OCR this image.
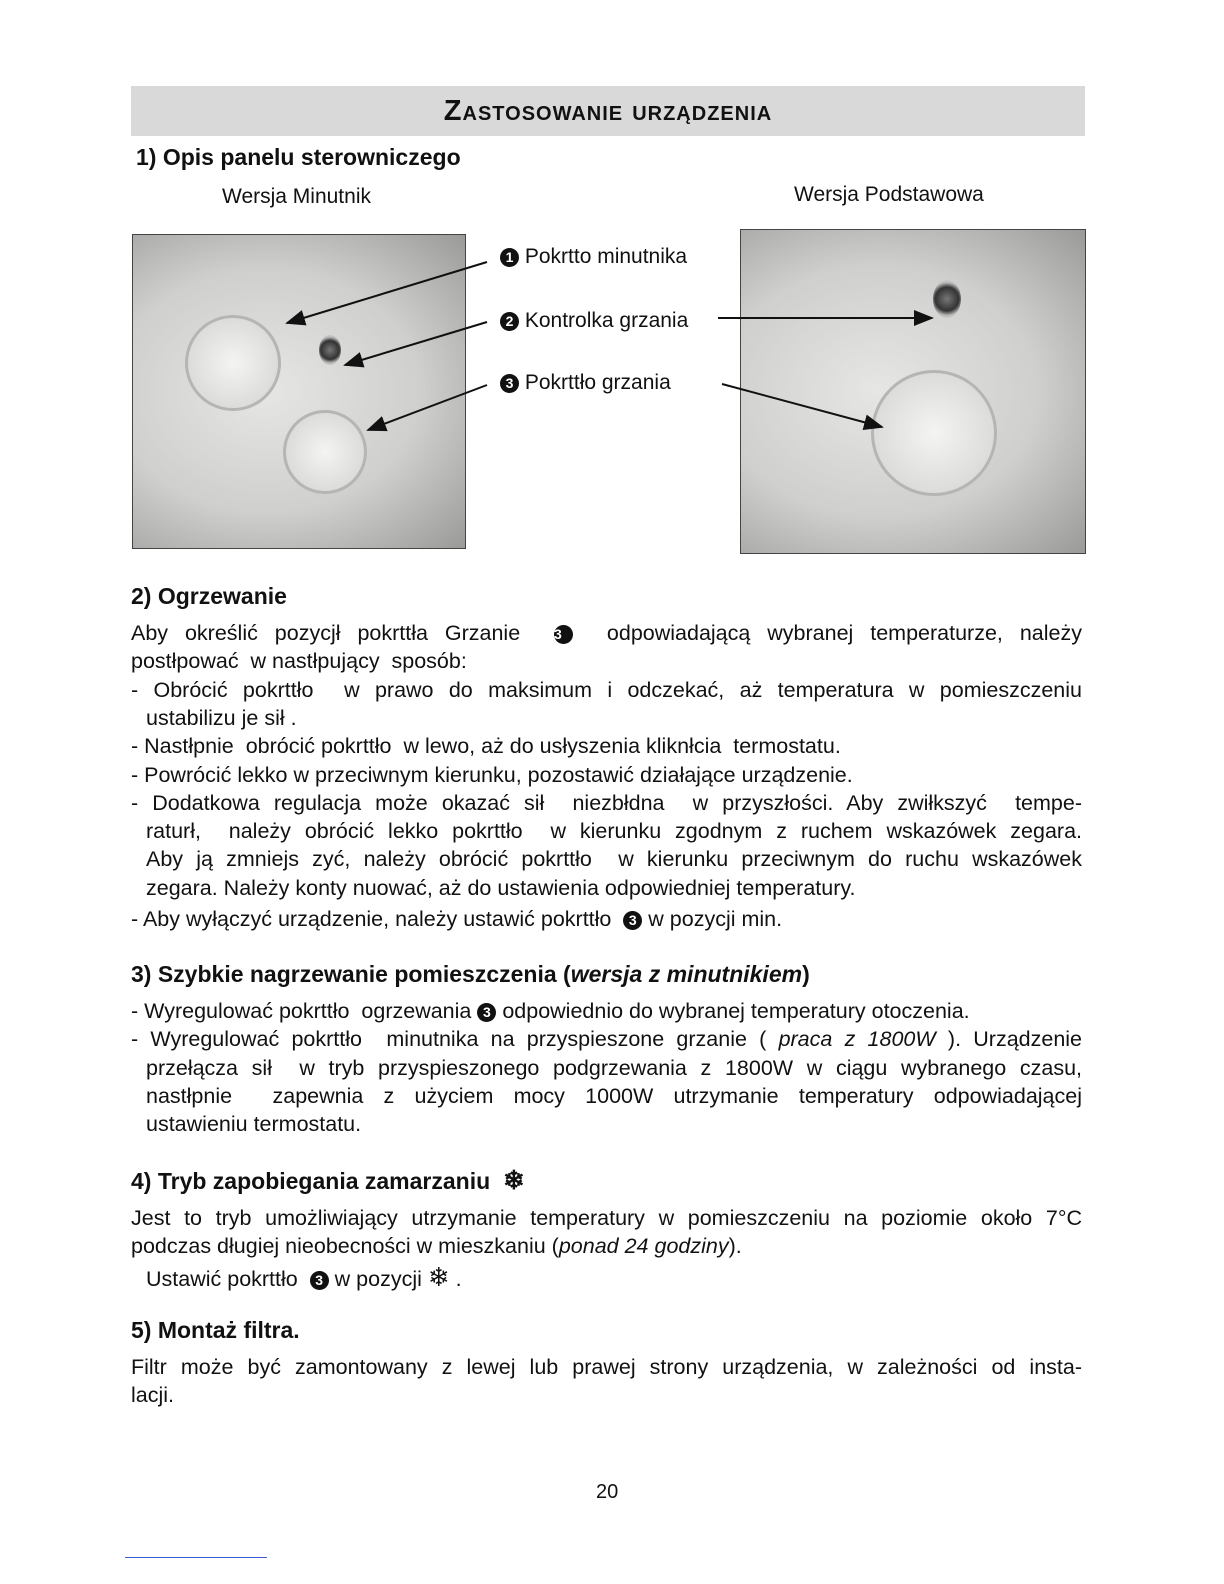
Zastosowanie urządzenia
1) Opis panelu sterowniczego
Wersja Minutnik	Wersja Podstawowa
1 Pokrtto minutnika
2 Kontrolka grzania
3 Pokrttło grzania
2) Ogrzewanie
Aby określić pozycjł pokrttła Grzanie  3  odpowiadającą wybranej temperaturze, należy
postłpować  w nastłpujący  sposób:
- Obrócić pokrttło  w prawo do maksimum i odczekać, aż temperatura w pomieszczeniu
ustabilizu je sił .
- Nastłpnie  obrócić pokrttło  w lewo, aż do usłyszenia kliknłcia  termostatu.
- Powrócić lekko w przeciwnym kierunku, pozostawić działające urządzenie.
- Dodatkowa regulacja może okazać sił  niezbłdna  w przyszłości. Aby zwiłkszyć  tempe-
raturł,  należy obrócić lekko pokrttło  w kierunku zgodnym z ruchem wskazówek zegara.
Aby ją zmniejs zyć, należy obrócić pokrttło  w kierunku przeciwnym do ruchu wskazówek
zegara. Należy konty nuować, aż do ustawienia odpowiedniej temperatury.
- Aby wyłączyć urządzenie, należy ustawić pokrttło  3 w pozycji min.
3) Szybkie nagrzewanie pomieszczenia (wersja z minutnikiem)
- Wyregulować pokrttło  ogrzewania 3 odpowiednio do wybranej temperatury otoczenia.
- Wyregulować pokrttło  minutnika na przyspieszone grzanie ( praca z 1800W ). Urządzenie
przełącza sił  w tryb przyspieszonego podgrzewania z 1800W w ciągu wybranego czasu,
nastłpnie  zapewnia z użyciem mocy 1000W utrzymanie temperatury odpowiadającej
ustawieniu termostatu.
4) Tryb zapobiegania zamarzaniu  ❄
Jest to tryb umożliwiający utrzymanie temperatury w pomieszczeniu na poziomie około 7°C
podczas długiej nieobecności w mieszkaniu (ponad 24 godziny).
Ustawić pokrttło  3 w pozycji ❄ .
5) Montaż filtra.
Filtr może być zamontowany z lewej lub prawej strony urządzenia, w zależności od insta-
lacji.
20
